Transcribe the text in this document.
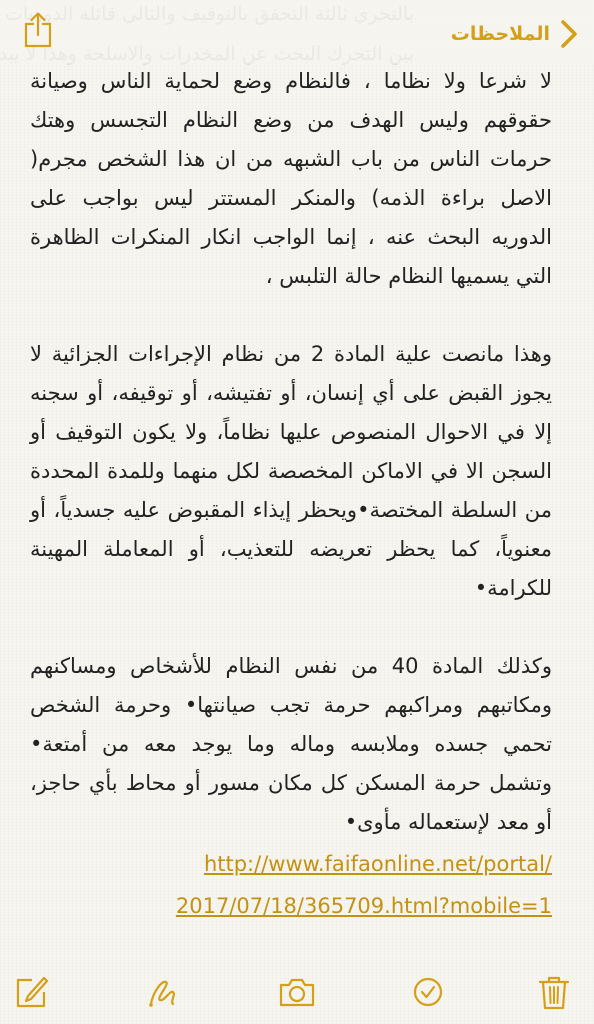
الملاحظات

لا شرعا ولا نظاما ، فالنظام وضع لحماية الناس وصيانة حقوقهم وليس الهدف من وضع النظام التجسس وهتك حرمات الناس من باب الشبهه من ان هذا الشخص مجرم( الاصل براءة الذمه) والمنكر المستتر ليس بواجب على الدوريه البحث عنه ، إنما الواجب انكار المنكرات الظاهرة التي يسميها النظام حالة التلبس ،

وهذا مانصت علية المادة 2 من نظام الإجراءات الجزائية لا يجوز القبض على أي إنسان، أو تفتيشه، أو توقيفه، أو سجنه إلا في الاحوال المنصوص عليها نظاماً، ولا يكون التوقيف أو السجن الا في الاماكن المخصصة لكل منهما وللمدة المحددة من السلطة المختصة•ويحظر إيذاء المقبوض عليه جسدياً، أو معنوياً، كما يحظر تعريضه للتعذيب، أو المعاملة المهينة للكرامة•

وكذلك المادة 40 من نفس النظام للأشخاص ومساكنهم ومكاتبهم ومراكبهم حرمة تجب صيانتها• وحرمة الشخص تحمي جسده وملابسه وماله وما يوجد معه من أمتعة• وتشمل حرمة المسكن كل مكان مسور أو محاط بأي حاجز، أو معد لإستعماله مأوى•

http://www.faifaonline.net/portal/
2017/07/18/365709.html?mobile=1
